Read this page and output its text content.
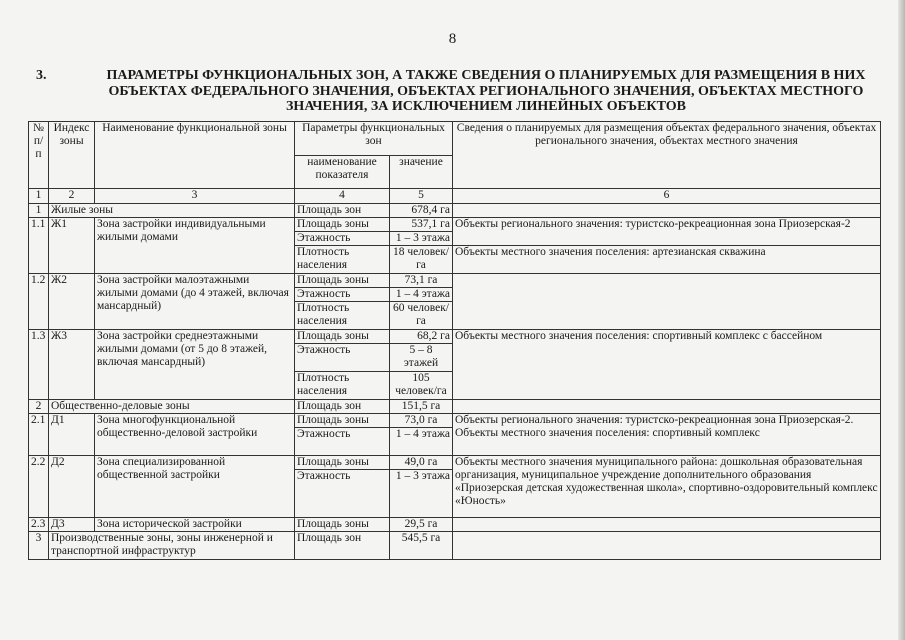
8
3.	ПАРАМЕТРЫ ФУНКЦИОНАЛЬНЫХ ЗОН, А ТАКЖЕ СВЕДЕНИЯ О ПЛАНИРУЕМЫХ ДЛЯ РАЗМЕЩЕНИЯ В НИХ ОБЪЕКТАХ ФЕДЕРАЛЬНОГО ЗНАЧЕНИЯ, ОБЪЕКТАХ РЕГИОНАЛЬНОГО ЗНАЧЕНИЯ, ОБЪЕКТАХ МЕСТНОГО ЗНАЧЕНИЯ, ЗА ИСКЛЮЧЕНИЕМ ЛИНЕЙНЫХ ОБЪЕКТОВ
№ п/п	Индекс зоны	Наименование функциональной зоны	Параметры функциональных зон		Сведения о планируемых для размещения объектах федерального значения, объектах регионального значения, объектах местного значения
			наименование показателя	значение	
1	2	3	4	5	6
1	Жилые зоны		Площадь зон	678,4 га	
1.1	Ж1	Зона застройки индивидуальными жилыми домами	Площадь зоны	537,1 га	Объекты регионального значения: туристско-рекреационная зона Приозерская-2
			Этажность	1 – 3 этажа	
			Плотность населения	18 человек/га	Объекты местного значения поселения: артезианская скважина
1.2	Ж2	Зона застройки малоэтажными жилыми домами (до 4 этажей, включая мансардный)	Площадь зоны	73,1 га	
			Этажность	1 – 4 этажа	
			Плотность населения	60 человек/га	
1.3	Ж3	Зона застройки среднеэтажными жилыми домами (от 5 до 8 этажей, включая мансардный)	Площадь зоны	68,2 га	Объекты местного значения поселения: спортивный комплекс с бассейном
			Этажность	5 – 8 этажей	
			Плотность населения	105 человек/га	
2	Общественно-деловые зоны		Площадь зон	151,5 га	
2.1	Д1	Зона многофункциональной общественно-деловой застройки	Площадь зоны	73,0 га	Объекты регионального значения: туристско-рекреационная зона Приозерская-2.
Объекты местного значения поселения: спортивный комплекс

			Этажность	1 – 4 этажа	
2.2	Д2	Зона специализированной общественной застройки	Площадь зоны	49,0 га	Объекты местного значения муниципального района: дошкольная образовательная организация, муниципальное учреждение дополнительного образования «Приозерская детская художественная школа», спортивно-оздоровительный комплекс «Юность»
			Этажность	1 – 3 этажа	
2.3	Д3	Зона исторической застройки	Площадь зоны	29,5 га	
3	Производственные зоны, зоны инженерной и транспортной инфраструктур		Площадь зон	545,5 га	
